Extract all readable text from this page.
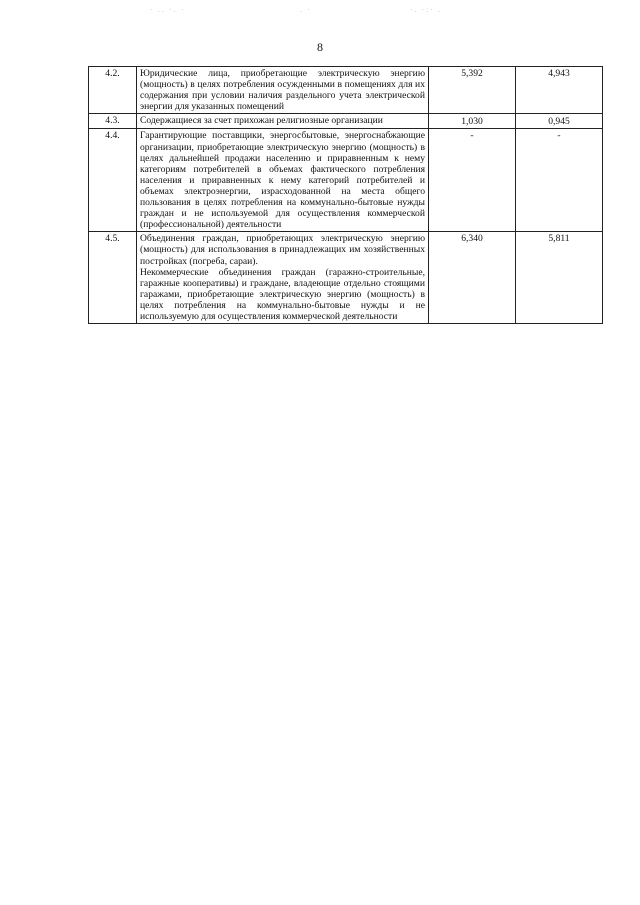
· .. ·. ·	. ·	·. ·:· .
8
4.2.	Юридические лица, приобретающие электрическую энергию (мощность) в целях потребления осужденными в помещениях для их содержания при условии наличия раздельного учета электрической энергии для указанных помещений	5,392	4,943
4.3.	Содержащиеся за счет прихожан религиозные организации	1,030	0,945
4.4.	Гарантирующие поставщики, энергосбытовые, энергоснабжающие организации, приобретающие электрическую энергию (мощность) в целях дальнейшей продажи населению и приравненным к нему категориям потребителей в объемах фактического потребления населения и приравненных к нему категорий потребителей и объемах электроэнергии, израсходованной на места общего пользования в целях потребления на коммунально-бытовые нужды граждан и не используемой для осуществления коммерческой (профессиональной) деятельности	-	-
4.5.	Объединения граждан, приобретающих электрическую энергию (мощность) для использования в принадлежащих им хозяйственных постройках (погреба, сараи).
Некоммерческие объединения граждан (гаражно-строительные, гаражные кооперативы) и граждане, владеющие отдельно стоящими гаражами, приобретающие электрическую энергию (мощность) в целях потребления на коммунально-бытовые нужды и не используемую для осуществления коммерческой деятельности	6,340	5,811
